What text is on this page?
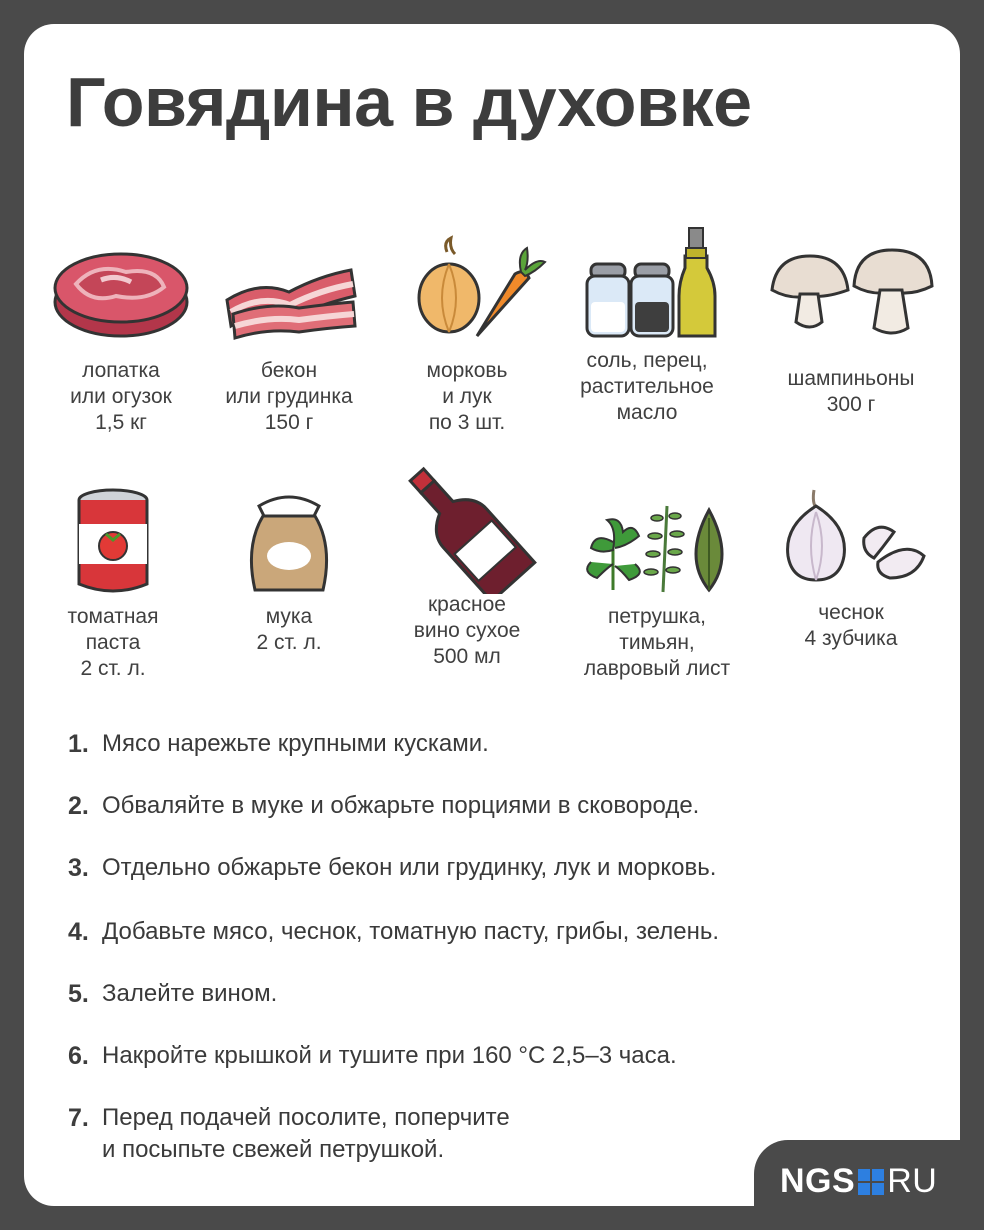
Говядина в духовке
лопатка
или огузок
1,5 кг
бекон
или грудинка
150 г
морковь
и лук
по 3 шт.
соль, перец,
растительное
масло
шампиньоны
300 г
томатная
паста
2 ст. л.
мука
2 ст. л.
красное
вино сухое
500 мл
петрушка,
тимьян,
лавровый лист
чеснок
4 зубчика
1. Мясо нарежьте крупными кусками.
2. Обваляйте в муке и обжарьте порциями в сковороде.
3. Отдельно обжарьте бекон или грудинку, лук и морковь.
4. Добавьте мясо, чеснок, томатную пасту, грибы, зелень.
5. Залейте вином.
6. Накройте крышкой и тушите при 160 °С 2,5–3 часа.
7. Перед подачей посолите, поперчите
и посыпьте свежей петрушкой.
NGS RU
